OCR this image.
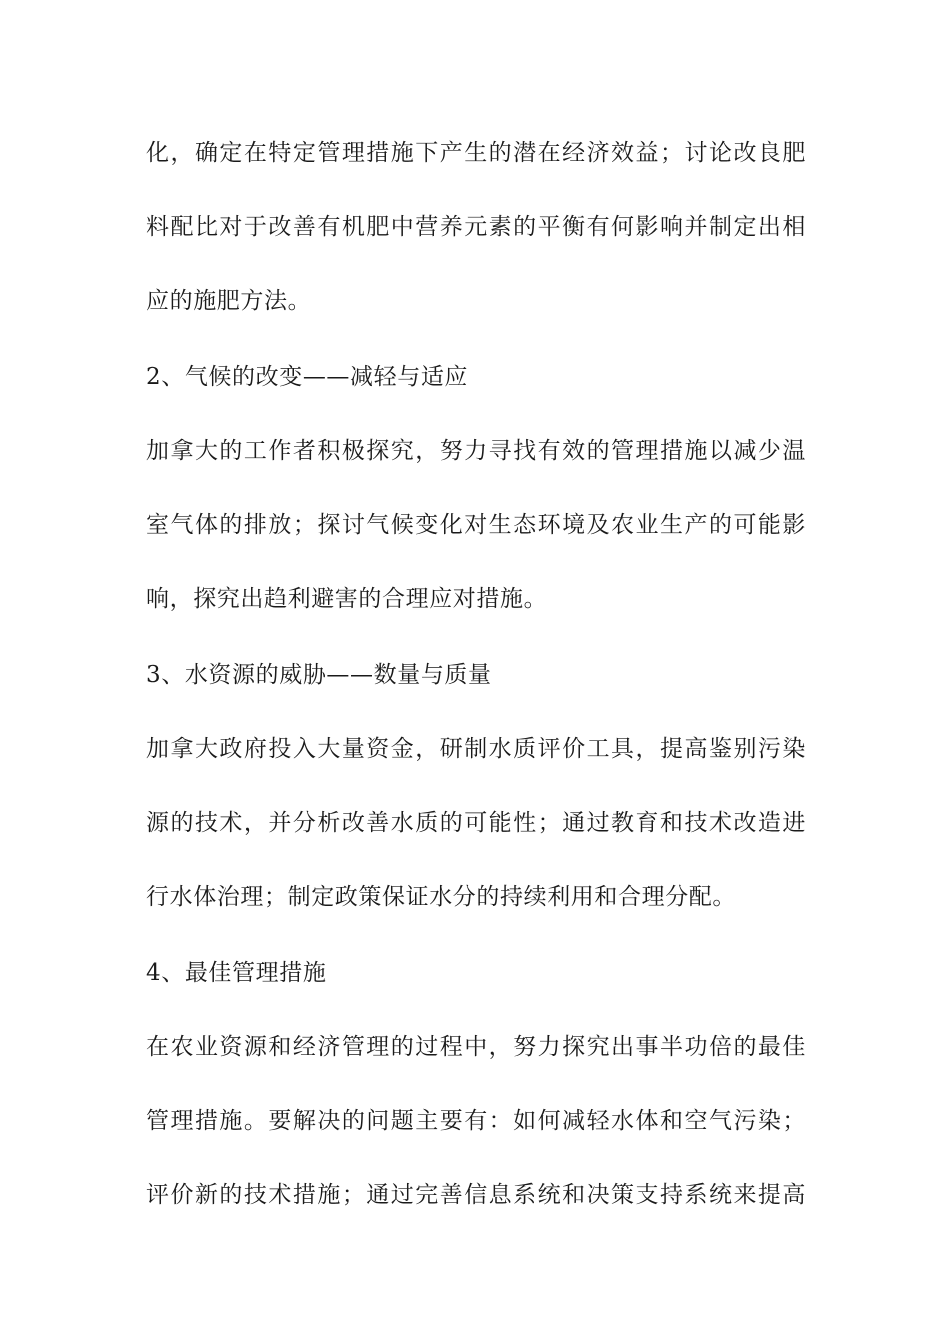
化，确定在特定管理措施下产生的潜在经济效益；讨论改良肥
料配比对于改善有机肥中营养元素的平衡有何影响并制定出相
应的施肥方法。
2、气候的改变——减轻与适应
加拿大的工作者积极探究，努力寻找有效的管理措施以减少温
室气体的排放；探讨气候变化对生态环境及农业生产的可能影
响，探究出趋利避害的合理应对措施。
3、水资源的威胁——数量与质量
加拿大政府投入大量资金，研制水质评价工具，提高鉴别污染
源的技术，并分析改善水质的可能性；通过教育和技术改造进
行水体治理；制定政策保证水分的持续利用和合理分配。
4、最佳管理措施
在农业资源和经济管理的过程中，努力探究出事半功倍的最佳
管理措施。要解决的问题主要有：如何减轻水体和空气污染；
评价新的技术措施；通过完善信息系统和决策支持系统来提高
